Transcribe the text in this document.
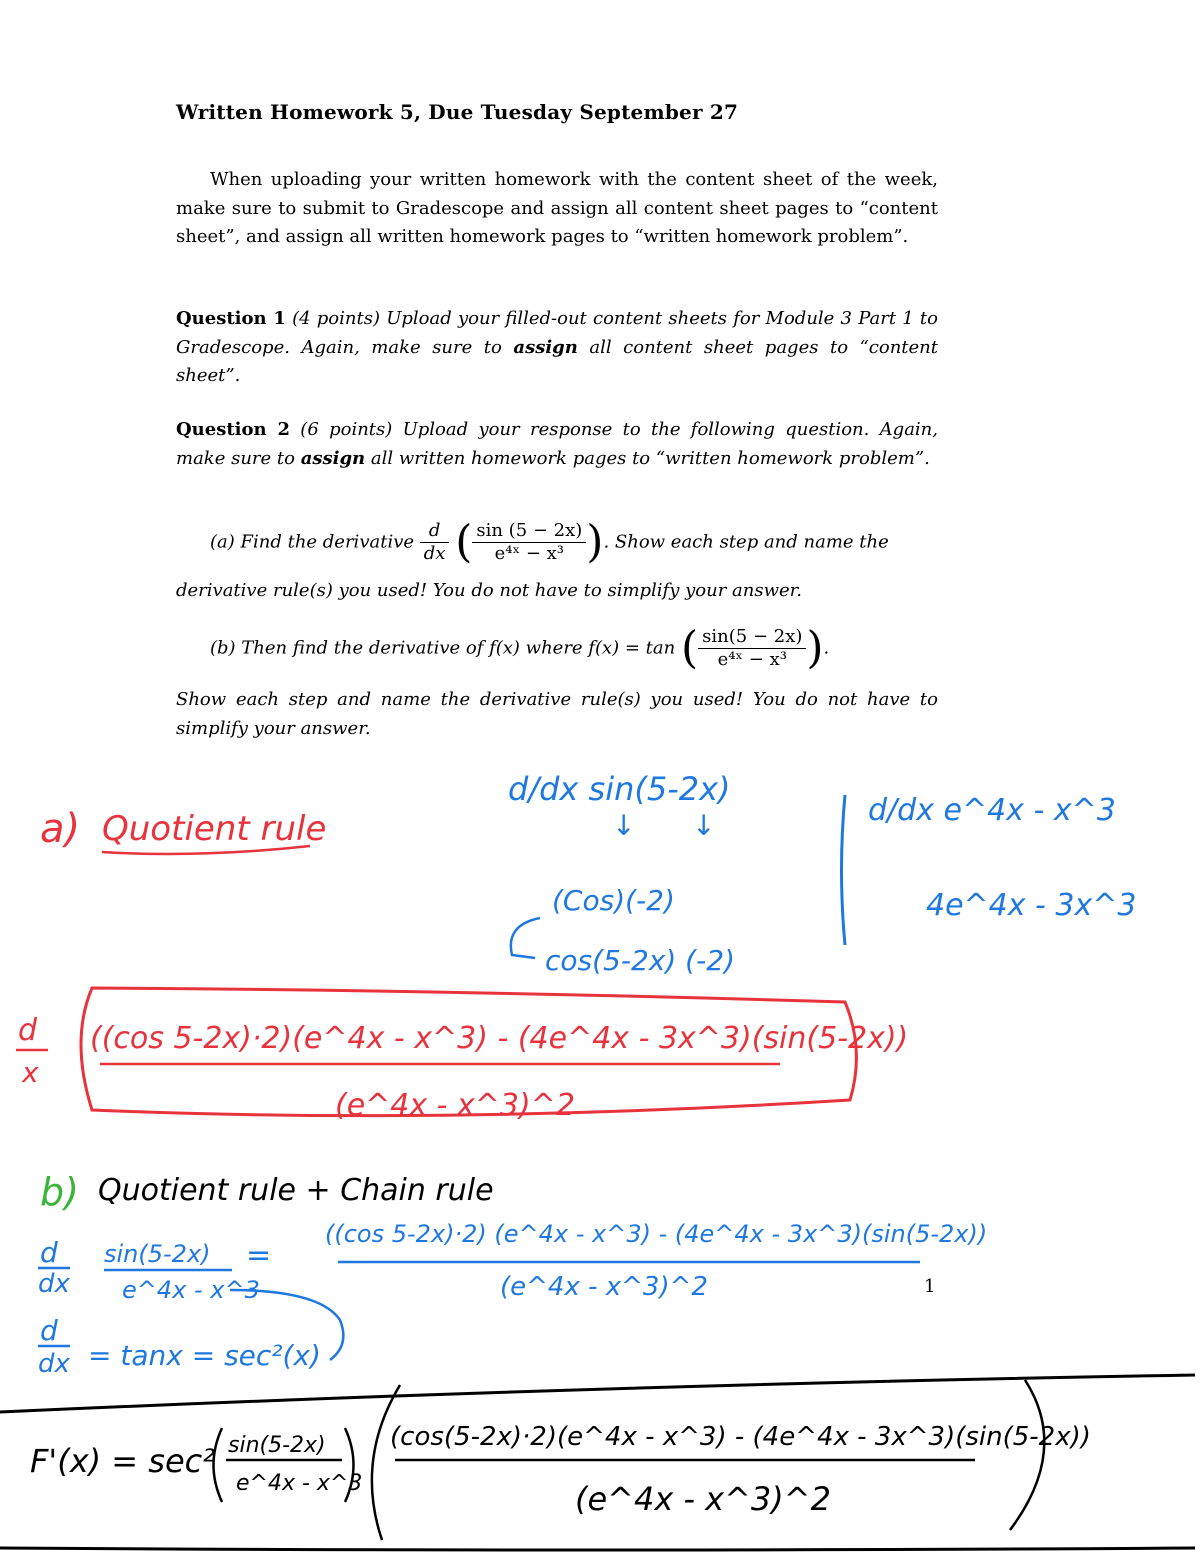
Written Homework 5, Due Tuesday September 27
When uploading your written homework with the content sheet of the week, make sure to submit to Gradescope and assign all content sheet pages to “content sheet”, and assign all written homework pages to “written homework problem”.
Question 1 (4 points) Upload your filled-out content sheets for Module 3 Part 1 to Gradescope. Again, make sure to assign all content sheet pages to “content sheet”.
Question 2 (6 points) Upload your response to the following question. Again, make sure to assign all written homework pages to “written homework problem”.
(a) Find the derivative $\frac{d}{dx}$ ( $\frac{\sin (5 - 2x)}{\text{e⁴ˣ − x³}}$ ). Show each step and name the
derivative rule(s) you used! You do not have to simplify your answer.
(b) Then find the derivative of f(x) where f(x) = tan ( $\frac{\sin(5 - 2x)}{\text{e⁴ˣ − x³}}$ ).
Show each step and name the derivative rule(s) you used! You do not have to simplify your answer.
1
a) Quotient rule
d/dx sin(5-2x)
↓ ↓
(Cos)(-2)
cos(5-2x) (-2)
d/dx e^4x - x^3
4e^4x - 3x^3
d
x
((cos 5-2x)·2)(e^4x - x^3) - (4e^4x - 3x^3)(sin(5-2x))
(e^4x - x^3)^2
b) Quotient rule + Chain rule
d
dx
sin(5-2x)
e^4x - x^3
=
((cos 5-2x)·2) (e^4x - x^3) - (4e^4x - 3x^3)(sin(5-2x))
(e^4x - x^3)^2
d
dx = tanx = sec²(x)
F'(x) = sec² sin(5-2x)
e^4x - x^3
(cos(5-2x)·2)(e^4x - x^3) - (4e^4x - 3x^3)(sin(5-2x))
(e^4x - x^3)^2
